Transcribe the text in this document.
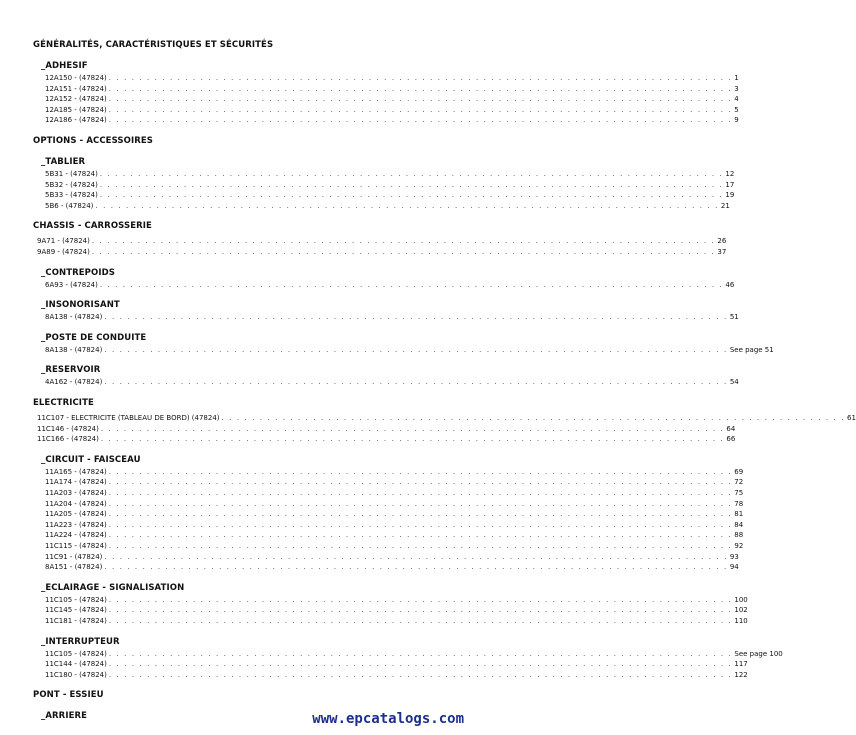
GÉNÉRALITÉS, CARACTÉRISTIQUES ET SÉCURITÉS
_ADHESIF
12A150 - (47824) . . . . . . . . . . . . . . . . . . . . . . . . . . . . . . . . . . . . . . . . . . . . . . . . . . . . . . . . . . . . . . . . . . . . . . . . . . . . . . . . . . 1
12A151 - (47824) . . . . . . . . . . . . . . . . . . . . . . . . . . . . . . . . . . . . . . . . . . . . . . . . . . . . . . . . . . . . . . . . . . . . . . . . . . . . . . . . . . 3
12A152 - (47824) . . . . . . . . . . . . . . . . . . . . . . . . . . . . . . . . . . . . . . . . . . . . . . . . . . . . . . . . . . . . . . . . . . . . . . . . . . . . . . . . . . 4
12A185 - (47824) . . . . . . . . . . . . . . . . . . . . . . . . . . . . . . . . . . . . . . . . . . . . . . . . . . . . . . . . . . . . . . . . . . . . . . . . . . . . . . . . . . 5
12A186 - (47824) . . . . . . . . . . . . . . . . . . . . . . . . . . . . . . . . . . . . . . . . . . . . . . . . . . . . . . . . . . . . . . . . . . . . . . . . . . . . . . . . . . 9
OPTIONS - ACCESSOIRES
_TABLIER
5B31 - (47824) . . . . . . . . . . . . . . . . . . . . . . . . . . . . . . . . . . . . . . . . . . . . . . . . . . . . . . . . . . . . . . . . . . . . . . . . . . . . . . . . . . 12
5B32 - (47824) . . . . . . . . . . . . . . . . . . . . . . . . . . . . . . . . . . . . . . . . . . . . . . . . . . . . . . . . . . . . . . . . . . . . . . . . . . . . . . . . . . 17
5B33 - (47824) . . . . . . . . . . . . . . . . . . . . . . . . . . . . . . . . . . . . . . . . . . . . . . . . . . . . . . . . . . . . . . . . . . . . . . . . . . . . . . . . . . 19
5B6 - (47824) . . . . . . . . . . . . . . . . . . . . . . . . . . . . . . . . . . . . . . . . . . . . . . . . . . . . . . . . . . . . . . . . . . . . . . . . . . . . . . . . . . 21
CHASSIS - CARROSSERIE
9A71 - (47824) . . . . . . . . . . . . . . . . . . . . . . . . . . . . . . . . . . . . . . . . . . . . . . . . . . . . . . . . . . . . . . . . . . . . . . . . . . . . . . . . . . 26
9A89 - (47824) . . . . . . . . . . . . . . . . . . . . . . . . . . . . . . . . . . . . . . . . . . . . . . . . . . . . . . . . . . . . . . . . . . . . . . . . . . . . . . . . . . 37
_CONTREPOIDS
6A93 - (47824) . . . . . . . . . . . . . . . . . . . . . . . . . . . . . . . . . . . . . . . . . . . . . . . . . . . . . . . . . . . . . . . . . . . . . . . . . . . . . . . . . . 46
_INSONORISANT
8A138 - (47824) . . . . . . . . . . . . . . . . . . . . . . . . . . . . . . . . . . . . . . . . . . . . . . . . . . . . . . . . . . . . . . . . . . . . . . . . . . . . . . . . . . 51
_POSTE DE CONDUITE
8A138 - (47824) . . . . . . . . . . . . . . . . . . . . . . . . . . . . . . . . . . . . . . . . . . . . . . . . . . . . . . . . . . . . . . . . . . . . . . . . . . . . . . . . . . See page 51
_RESERVOIR
4A162 - (47824) . . . . . . . . . . . . . . . . . . . . . . . . . . . . . . . . . . . . . . . . . . . . . . . . . . . . . . . . . . . . . . . . . . . . . . . . . . . . . . . . . . 54
ELECTRICITE
11C107 - ELECTRICITE (TABLEAU DE BORD) (47824) . . . . . . . . . . . . . . . . . . . . . . . . . . . . . . . . . . . . . . . . . . . . . . . . . . . . . . . . . . . . . . . . . . . . . . . . . . . . . . . . . . 61
11C146 - (47824) . . . . . . . . . . . . . . . . . . . . . . . . . . . . . . . . . . . . . . . . . . . . . . . . . . . . . . . . . . . . . . . . . . . . . . . . . . . . . . . . . . 64
11C166 - (47824) . . . . . . . . . . . . . . . . . . . . . . . . . . . . . . . . . . . . . . . . . . . . . . . . . . . . . . . . . . . . . . . . . . . . . . . . . . . . . . . . . . 66
_CIRCUIT - FAISCEAU
11A165 - (47824) . . . . . . . . . . . . . . . . . . . . . . . . . . . . . . . . . . . . . . . . . . . . . . . . . . . . . . . . . . . . . . . . . . . . . . . . . . . . . . . . . . 69
11A174 - (47824) . . . . . . . . . . . . . . . . . . . . . . . . . . . . . . . . . . . . . . . . . . . . . . . . . . . . . . . . . . . . . . . . . . . . . . . . . . . . . . . . . . 72
11A203 - (47824) . . . . . . . . . . . . . . . . . . . . . . . . . . . . . . . . . . . . . . . . . . . . . . . . . . . . . . . . . . . . . . . . . . . . . . . . . . . . . . . . . . 75
11A204 - (47824) . . . . . . . . . . . . . . . . . . . . . . . . . . . . . . . . . . . . . . . . . . . . . . . . . . . . . . . . . . . . . . . . . . . . . . . . . . . . . . . . . . 78
11A205 - (47824) . . . . . . . . . . . . . . . . . . . . . . . . . . . . . . . . . . . . . . . . . . . . . . . . . . . . . . . . . . . . . . . . . . . . . . . . . . . . . . . . . . 81
11A223 - (47824) . . . . . . . . . . . . . . . . . . . . . . . . . . . . . . . . . . . . . . . . . . . . . . . . . . . . . . . . . . . . . . . . . . . . . . . . . . . . . . . . . . 84
11A224 - (47824) . . . . . . . . . . . . . . . . . . . . . . . . . . . . . . . . . . . . . . . . . . . . . . . . . . . . . . . . . . . . . . . . . . . . . . . . . . . . . . . . . . 88
11C115 - (47824) . . . . . . . . . . . . . . . . . . . . . . . . . . . . . . . . . . . . . . . . . . . . . . . . . . . . . . . . . . . . . . . . . . . . . . . . . . . . . . . . . . 92
11C91 - (47824) . . . . . . . . . . . . . . . . . . . . . . . . . . . . . . . . . . . . . . . . . . . . . . . . . . . . . . . . . . . . . . . . . . . . . . . . . . . . . . . . . . 93
8A151 - (47824) . . . . . . . . . . . . . . . . . . . . . . . . . . . . . . . . . . . . . . . . . . . . . . . . . . . . . . . . . . . . . . . . . . . . . . . . . . . . . . . . . . 94
_ECLAIRAGE - SIGNALISATION
11C105 - (47824) . . . . . . . . . . . . . . . . . . . . . . . . . . . . . . . . . . . . . . . . . . . . . . . . . . . . . . . . . . . . . . . . . . . . . . . . . . . . . . . . . . 100
11C145 - (47824) . . . . . . . . . . . . . . . . . . . . . . . . . . . . . . . . . . . . . . . . . . . . . . . . . . . . . . . . . . . . . . . . . . . . . . . . . . . . . . . . . . 102
11C181 - (47824) . . . . . . . . . . . . . . . . . . . . . . . . . . . . . . . . . . . . . . . . . . . . . . . . . . . . . . . . . . . . . . . . . . . . . . . . . . . . . . . . . . 110
_INTERRUPTEUR
11C105 - (47824) . . . . . . . . . . . . . . . . . . . . . . . . . . . . . . . . . . . . . . . . . . . . . . . . . . . . . . . . . . . . . . . . . . . . . . . . . . . . . . . . . . See page 100
11C144 - (47824) . . . . . . . . . . . . . . . . . . . . . . . . . . . . . . . . . . . . . . . . . . . . . . . . . . . . . . . . . . . . . . . . . . . . . . . . . . . . . . . . . . 117
11C180 - (47824) . . . . . . . . . . . . . . . . . . . . . . . . . . . . . . . . . . . . . . . . . . . . . . . . . . . . . . . . . . . . . . . . . . . . . . . . . . . . . . . . . . 122
PONT - ESSIEU
_ARRIERE	www.epcatalogs.com
